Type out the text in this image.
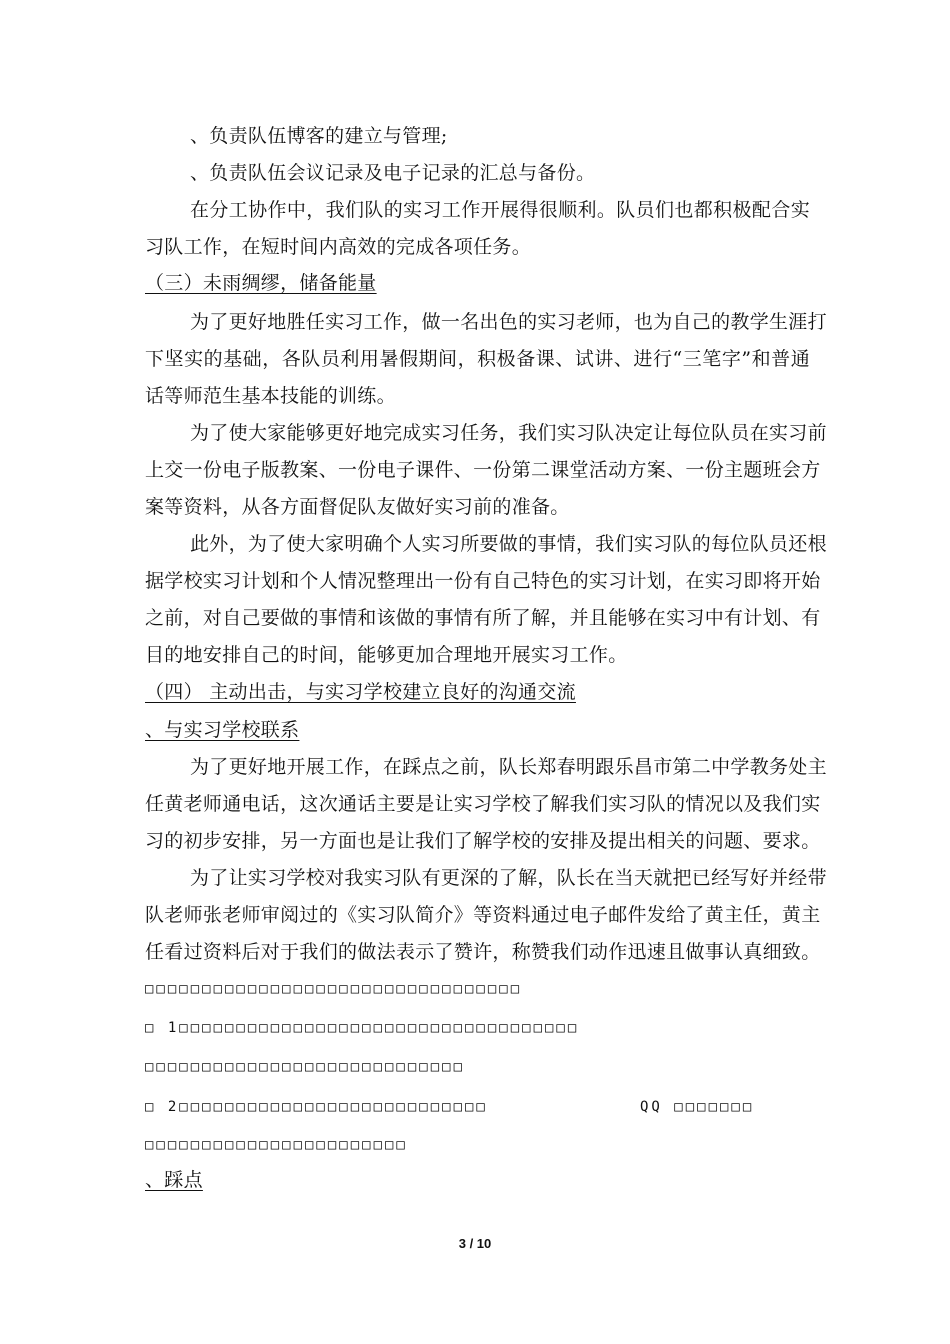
、负责队伍博客的建立与管理;
、负责队伍会议记录及电子记录的汇总与备份。
在分工协作中，我们队的实习工作开展得很顺利。队员们也都积极配合实
习队工作，在短时间内高效的完成各项任务。
（三）未雨绸缪，储备能量
为了更好地胜任实习工作，做一名出色的实习老师，也为自己的教学生涯打
下坚实的基础，各队员利用暑假期间，积极备课、试讲、进行“三笔字”和普通
话等师范生基本技能的训练。
为了使大家能够更好地完成实习任务，我们实习队决定让每位队员在实习前
上交一份电子版教案、一份电子课件、一份第二课堂活动方案、一份主题班会方
案等资料，从各方面督促队友做好实习前的准备。
此外，为了使大家明确个人实习所要做的事情，我们实习队的每位队员还根
据学校实习计划和个人情况整理出一份有自己特色的实习计划，在实习即将开始
之前，对自己要做的事情和该做的事情有所了解，并且能够在实习中有计划、有
目的地安排自己的时间，能够更加合理地开展实习工作。
（四） 主动出击，与实习学校建立良好的沟通交流
、与实习学校联系
为了更好地开展工作，在踩点之前，队长郑春明跟乐昌市第二中学教务处主
任黄老师通电话，这次通话主要是让实习学校了解我们实习队的情况以及我们实
习的初步安排，另一方面也是让我们了解学校的安排及提出相关的问题、要求。
为了让实习学校对我实习队有更深的了解，队长在当天就把已经写好并经带
队老师张老师审阅过的《实习队简介》等资料通过电子邮件发给了黄主任，黄主
任看过资料后对于我们的做法表示了赞许，称赞我们动作迅速且做事认真细致。
□□□□□□□□□□□□□□□□□□□□□□□□□□□□□□□□□
□ 1□□□□□□□□□□□□□□□□□□□□□□□□□□□□□□□□□□□
□□□□□□□□□□□□□□□□□□□□□□□□□□□□
□ 2□□□□□□□□□□□□□□□□□□□□□□□□□□□	QQ □□□□□□□
□□□□□□□□□□□□□□□□□□□□□□□
、踩点
3 / 10
